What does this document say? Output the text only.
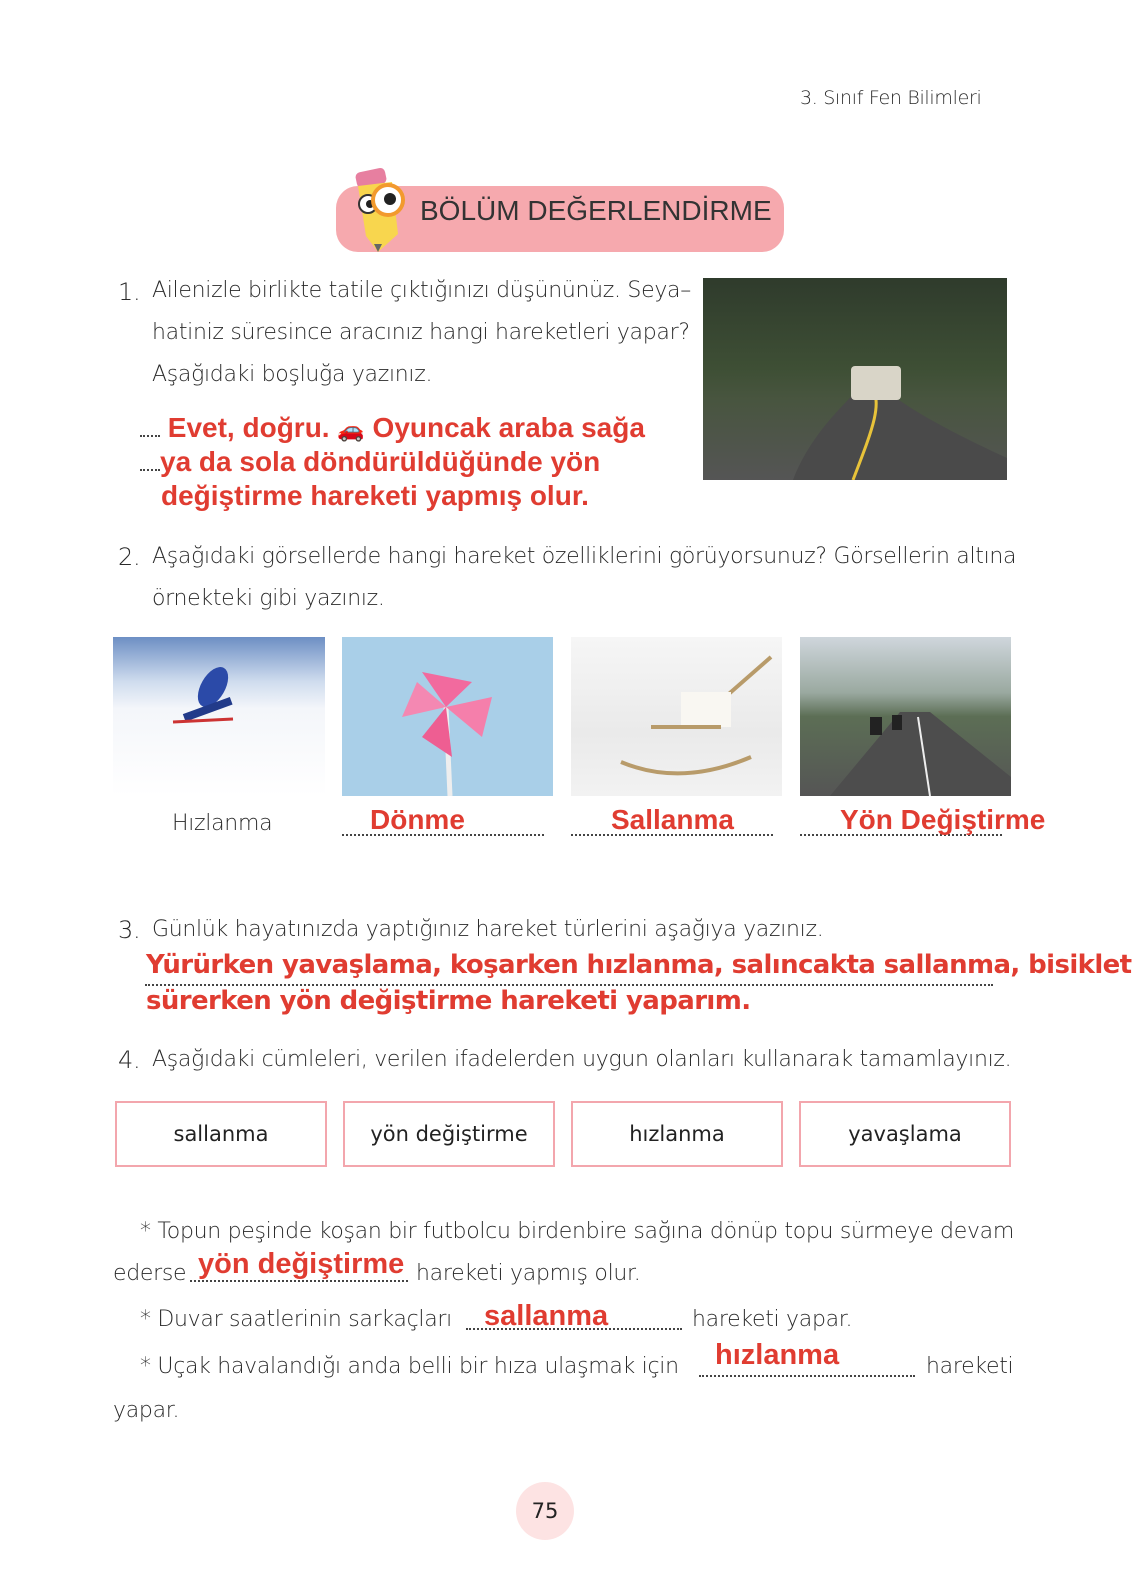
3. Sınıf Fen Bilimleri
BÖLÜM DEĞERLENDİRME
1. Ailenizle birlikte tatile çıktığınızı düşününüz. Seya–
hatiniz süresince aracınız hangi hareketleri yapar?
Aşağıdaki boşluğa yazınız.
Evet, doğru. 🚗 Oyuncak araba sağa
ya da sola döndürüldüğünde yön
değiştirme hareketi yapmış olur.
2. Aşağıdaki görsellerde hangi hareket özelliklerini görüyorsunuz? Görsellerin altına
örnekteki gibi yazınız.
Hızlanma	Dönme	Sallanma	Yön Değiştirme
3. Günlük hayatınızda yaptığınız hareket türlerini aşağıya yazınız.
Yürürken yavaşlama, koşarken hızlanma, salıncakta sallanma, bisiklet
sürerken yön değiştirme hareketi yaparım.
4. Aşağıdaki cümleleri, verilen ifadelerden uygun olanları kullanarak tamamlayınız.
sallanma	yön değiştirme	hızlanma	yavaşlama
* Topun peşinde koşan bir futbolcu birdenbire sağına dönüp topu sürmeye devam
ederse yön değiştirme hareketi yapmış olur.
* Duvar saatlerinin sarkaçları sallanma	hareketi yapar.
* Uçak havalandığı anda belli bir hıza ulaşmak için hızlanma	hareketi
yapar.
75
